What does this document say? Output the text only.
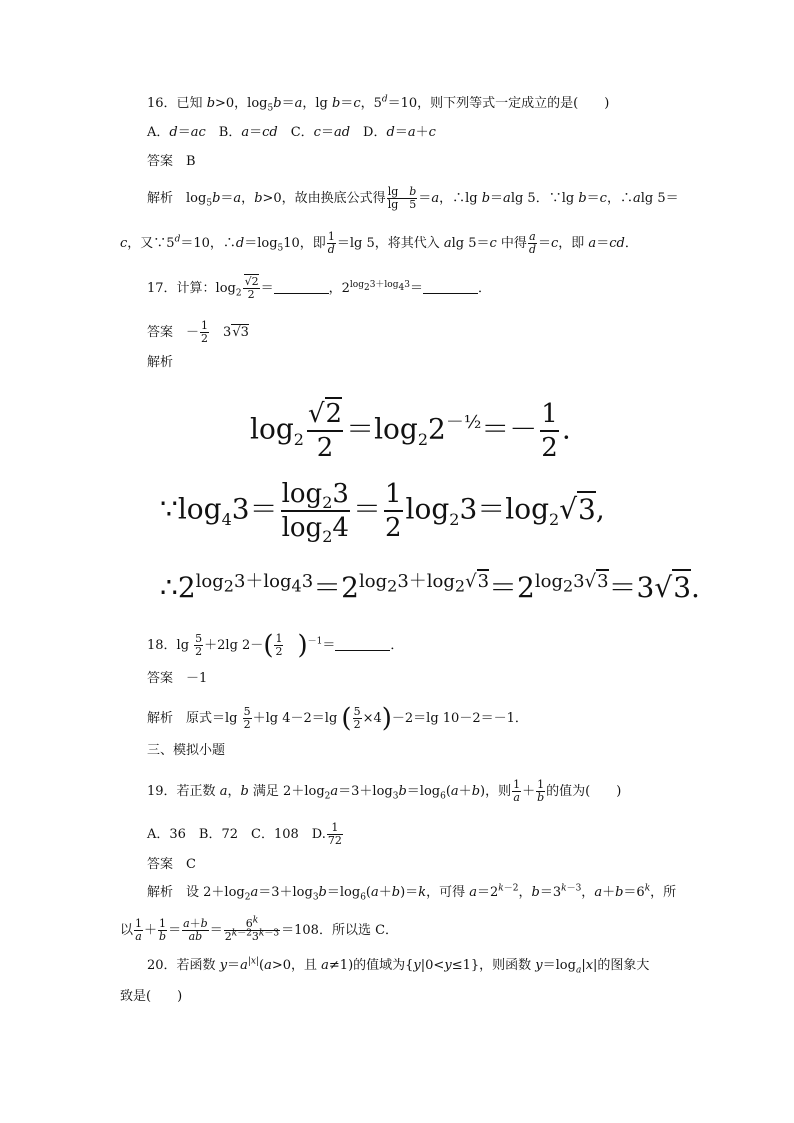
16．已知 b>0，$\log_5b=a$，lg b＝c，$5^d=10$，则下列等式一定成立的是(　　)
A．d＝ac　B．a＝cd　C．c＝ad　D．d＝a＋c
答案　 B
解析　$\log_5b=a$，b>0，故由换底公式得 $\frac{\text{lg　b}}{\lg 5} =a$，∴lg b＝alg 5．∵lg b＝c，∴alg 5＝
c，又$\because 5^d=10$，$\therefore d=\log_510$，即 $\frac{1}{d} =\lg$ 5，将其代入 alg 5＝c 中得 $\frac{a}{d} =c$，即 a＝cd．
17．计算：$\log_2 \frac{√2}{2}$ ＝	，$2^{log_23+log_43}=$	．
答案　－ $\frac{1}{2}$ 　3√3
解析
$\log_2 \frac{√2}{2} =\log_22^{-\frac{1}{2}}=- \frac{1}{2}$ .
$\because\log_43= \frac{\log_23}{\log_24} = \frac{1}{2} \log_23=\log_2√3$,
$\therefore 2^{log_23+log_43}=2^{log_23+log_2√3}=2^{log_23√3}=3√3$.
18．$\lg \frac{5}{2} +2\lg$ $2-( \frac{1}{2}$
　 )$^{-1}$＝	．
答案　－1
解析　原式$=\lg \frac{5}{2} +\lg$ 4－2＝lg ( $\frac{5}{2} \times 4)-2=\lg$ 10－2＝－1．
三、模拟小题
19．若正数 a，b 满足 $2+\log_2a=3+\log_3b=\log_6(a+b)$，则 $\frac{1}{a} + \frac{1}{b}$ 的值为(　　)
A．36　B．72　C．108　D. $\frac{1}{72}$
答案　 C
解析　设 $2+\log_2a=3+\log_3b=\log_6(a+b)=k$，可得 $a=2^{k-2}$，$b=3^{k-3}$，$a+b=6^k$，所
以 $\frac{1}{a} + \frac{1}{b} = \frac{a+b}{ab} = \frac{6^k}{2^{k-2}3^{k-3}} =108$．所以选 C．
20．若函数 $y=a^{|x|}(a>0$，且 a≠1)的值域为{y|0<y≤1}，则函数 $y=\log_a|x|$的图象大
致是(　　)
